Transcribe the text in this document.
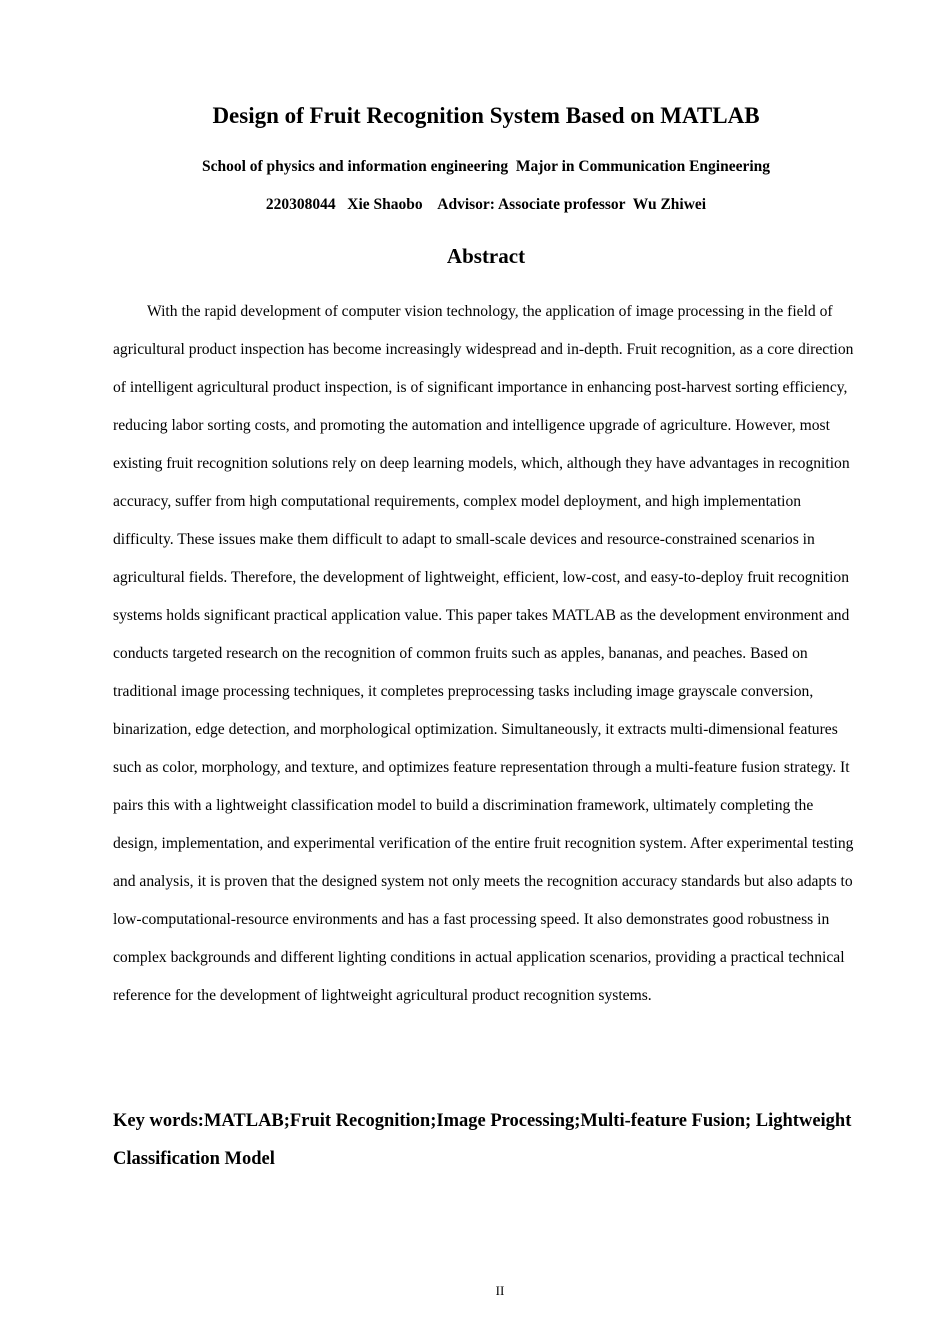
Design of Fruit Recognition System Based on MATLAB

School of physics and information engineering  Major in Communication Engineering

220308044   Xie Shaobo    Advisor: Associate professor  Wu Zhiwei

Abstract

With the rapid development of computer vision technology, the application of image processing in the field of agricultural product inspection has become increasingly widespread and in-depth. Fruit recognition, as a core direction of intelligent agricultural product inspection, is of significant importance in enhancing post-harvest sorting efficiency, reducing labor sorting costs, and promoting the automation and intelligence upgrade of agriculture. However, most existing fruit recognition solutions rely on deep learning models, which, although they have advantages in recognition accuracy, suffer from high computational requirements, complex model deployment, and high implementation difficulty. These issues make them difficult to adapt to small-scale devices and resource-constrained scenarios in agricultural fields. Therefore, the development of lightweight, efficient, low-cost, and easy-to-deploy fruit recognition systems holds significant practical application value. This paper takes MATLAB as the development environment and conducts targeted research on the recognition of common fruits such as apples, bananas, and peaches. Based on traditional image processing techniques, it completes preprocessing tasks including image grayscale conversion, binarization, edge detection, and morphological optimization. Simultaneously, it extracts multi-dimensional features such as color, morphology, and texture, and optimizes feature representation through a multi-feature fusion strategy. It pairs this with a lightweight classification model to build a discrimination framework, ultimately completing the design, implementation, and experimental verification of the entire fruit recognition system. After experimental testing and analysis, it is proven that the designed system not only meets the recognition accuracy standards but also adapts to low-computational-resource environments and has a fast processing speed. It also demonstrates good robustness in complex backgrounds and different lighting conditions in actual application scenarios, providing a practical technical reference for the development of lightweight agricultural product recognition systems.

Key words:MATLAB;Fruit Recognition;Image Processing;Multi-feature Fusion; Lightweight Classification Model

II
